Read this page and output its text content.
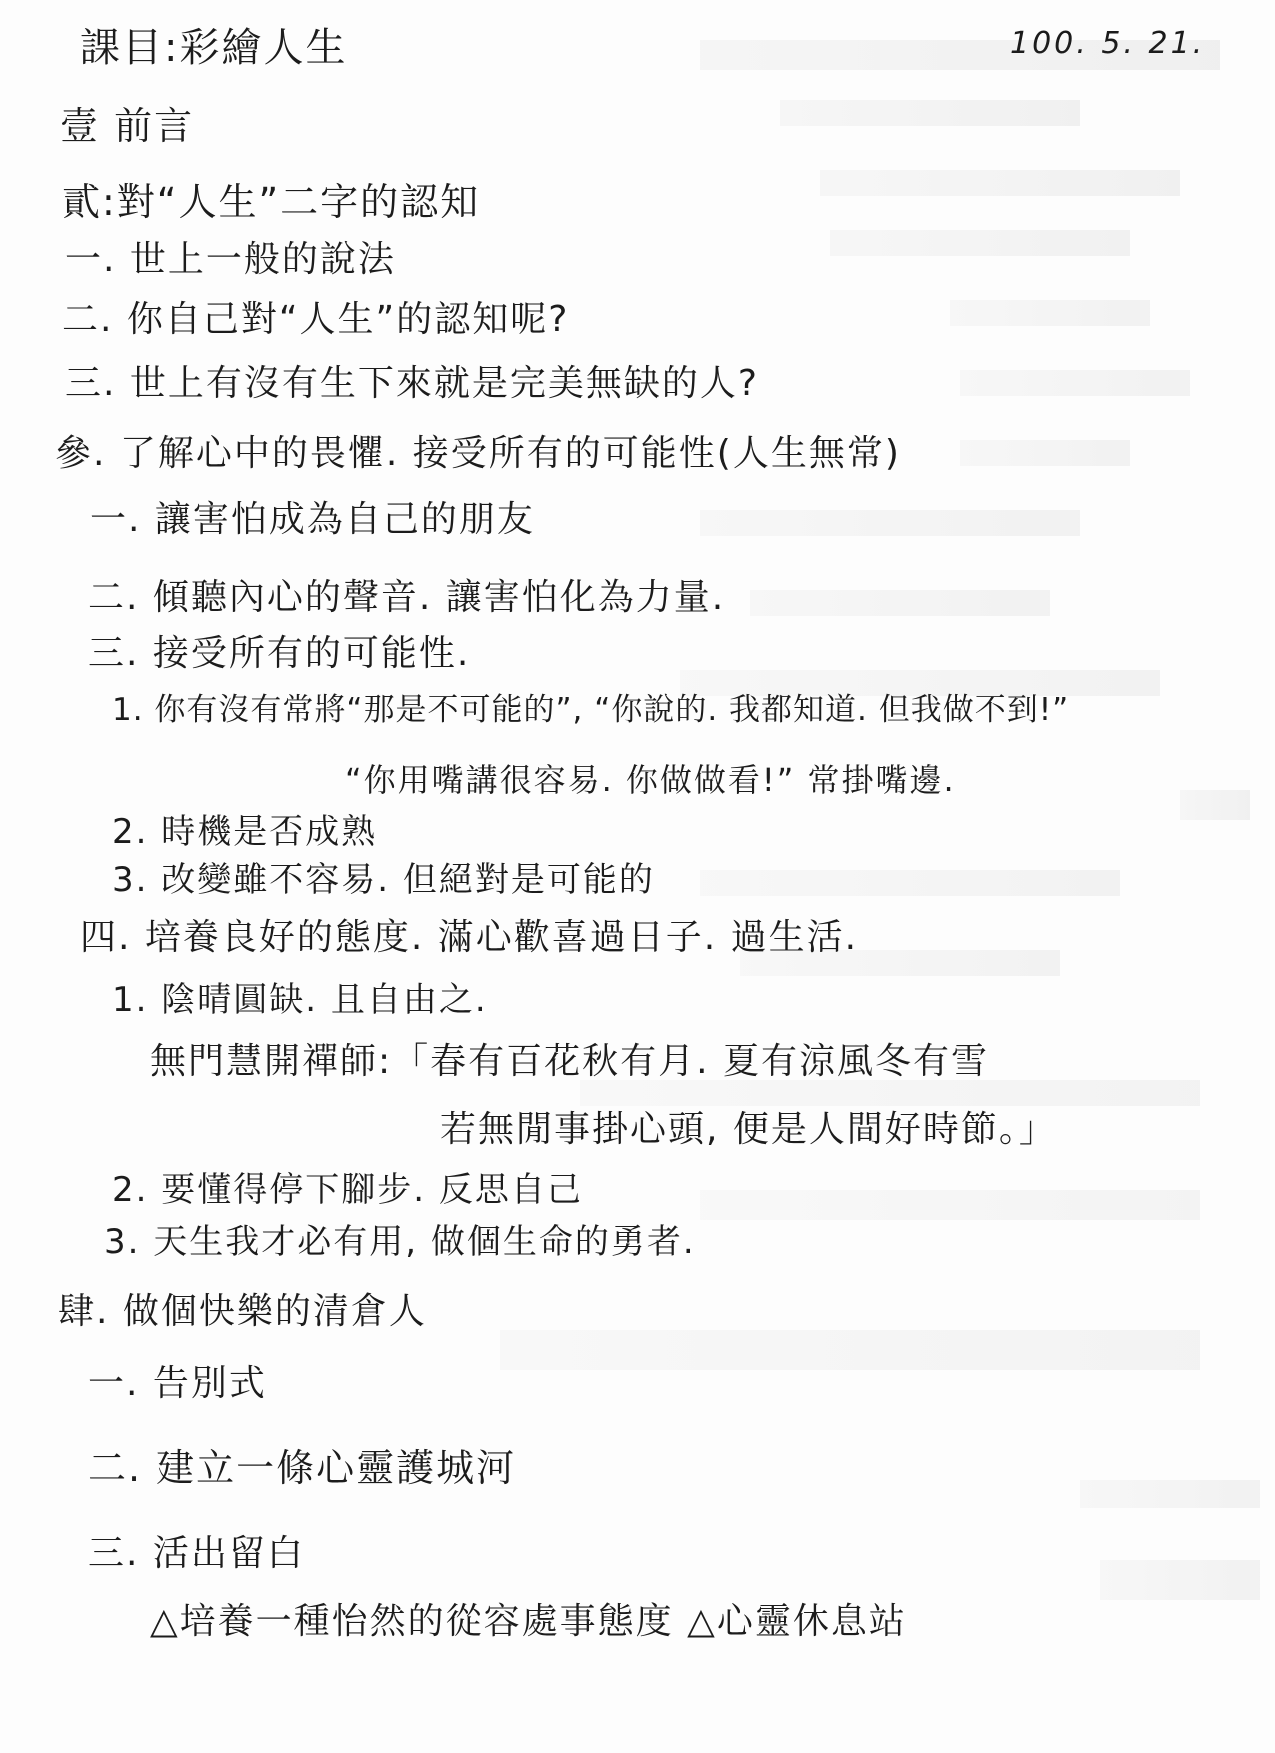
100. 5. 21.
課目:彩繪人生
壹 前言
貳:對“人生”二字的認知
一. 世上一般的說法
二. 你自己對“人生”的認知呢?
三. 世上有沒有生下來就是完美無缺的人?
參. 了解心中的畏懼. 接受所有的可能性(人生無常)
一. 讓害怕成為自己的朋友
二. 傾聽內心的聲音. 讓害怕化為力量.
三. 接受所有的可能性.
1. 你有沒有常將“那是不可能的”, “你說的. 我都知道. 但我做不到!”
“你用嘴講很容易. 你做做看!” 常掛嘴邊.
2. 時機是否成熟
3. 改變雖不容易. 但絕對是可能的
四. 培養良好的態度. 滿心歡喜過日子. 過生活.
1. 陰晴圓缺. 且自由之.
無門慧開禪師:「春有百花秋有月. 夏有涼風冬有雪
若無閒事掛心頭, 便是人間好時節。」
2. 要懂得停下腳步. 反思自己
3. 天生我才必有用, 做個生命的勇者.
肆. 做個快樂的清倉人
一. 告別式
二. 建立一條心靈護城河
三. 活出留白
△培養一種怡然的從容處事態度 △心靈休息站
